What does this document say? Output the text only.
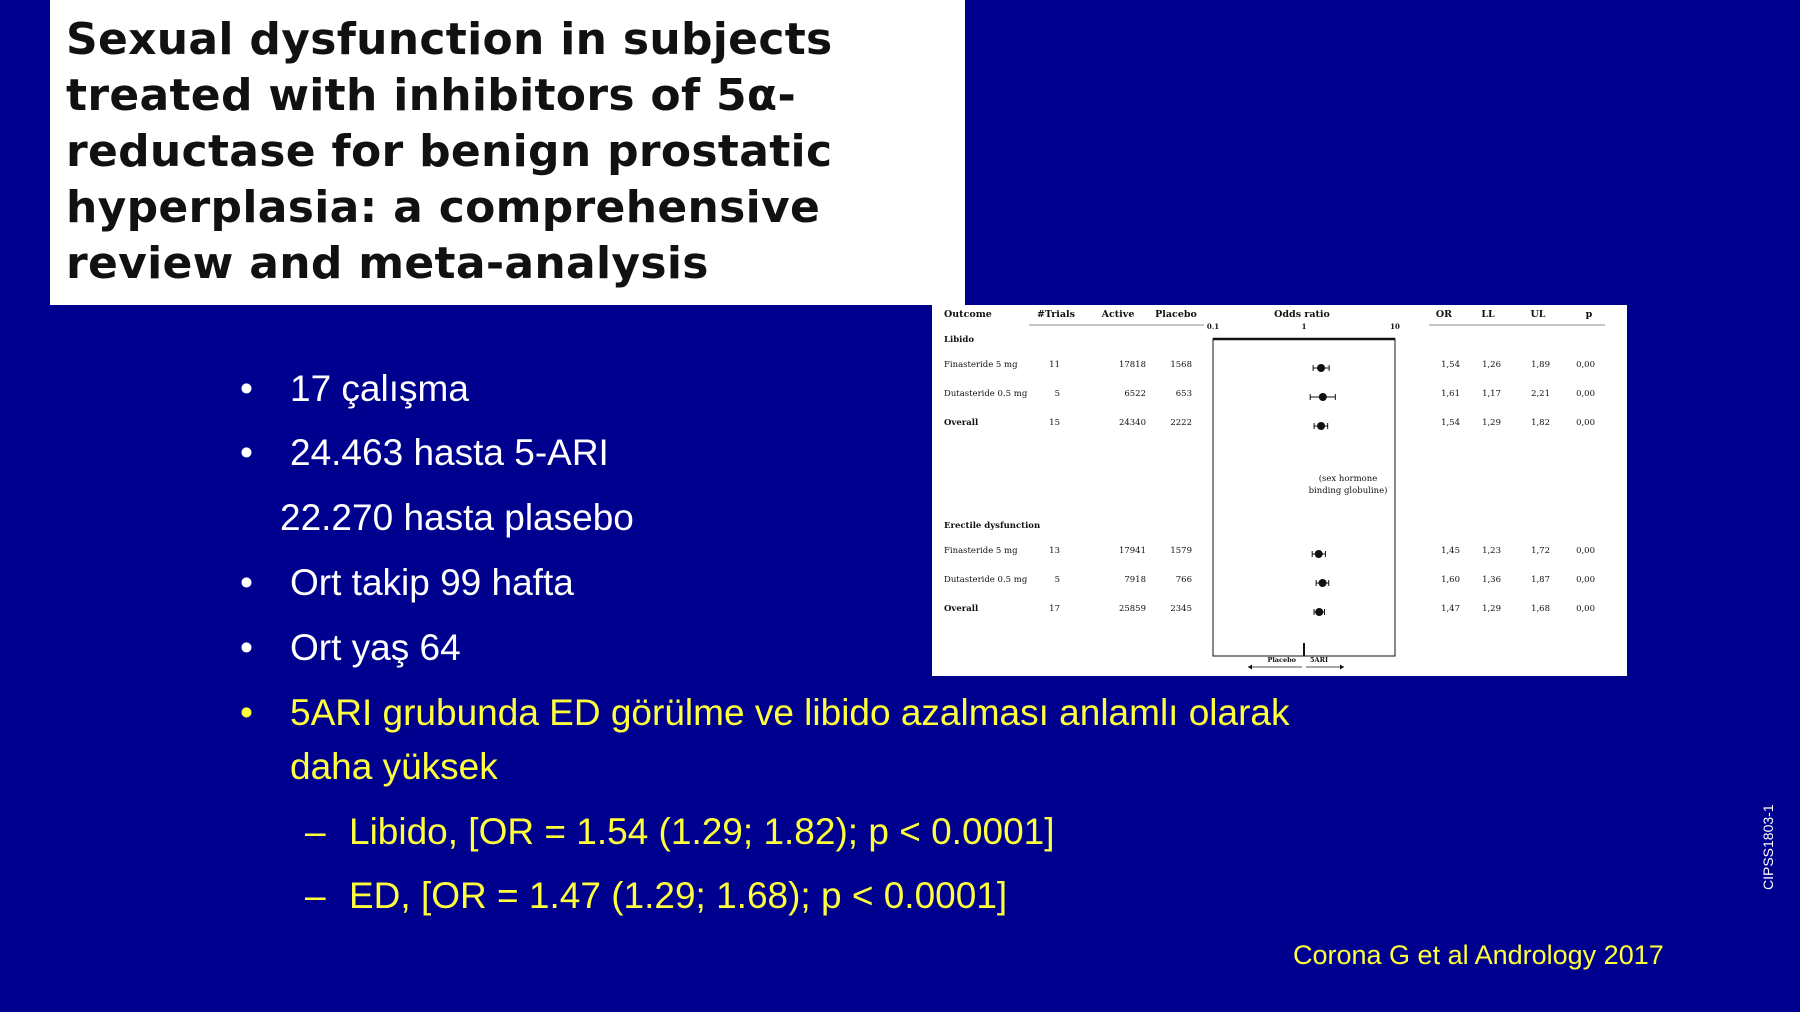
Sexual dysfunction in subjects
treated with inhibitors of 5α-
reductase for benign prostatic
hyperplasia: a comprehensive
review and meta-analysis
Outcome	#Trials	Active Placebo	Odds ratio	OR	LL	UL	p
0.1	1	10
Libido
Finasteride 5 mg	11	17818	1568	1,54	1,26	1,89	0,00
Dutasteride 0.5 mg	5	6522	653	1,61	1,17	2,21	0,00
Overall	15	24340	2222	1,54	1,29	1,82	0,00
Erectile dysfunction
Finasteride 5 mg	13	17941	1579	1,45	1,23	1,72	0,00
Dutasteride 0.5 mg	5	7918	766	1,60	1,36	1,87	0,00
Overall	17	25859	2345	1,47	1,29	1,68	0,00
(sex hormone
binding globuline)
Placebo 5ARI
• 17 çalışma
• 24.463 hasta 5-ARI
22.270 hasta plasebo
• Ort takip 99 hafta
• Ort yaş 64
• 5ARI grubunda ED görülme ve libido azalması anlamlı olarak
daha yüksek
– Libido, [OR = 1.54 (1.29; 1.82); p < 0.0001]
– ED, [OR = 1.47 (1.29; 1.68); p < 0.0001]
Corona G et al Andrology 2017
CIPSS1803-1
